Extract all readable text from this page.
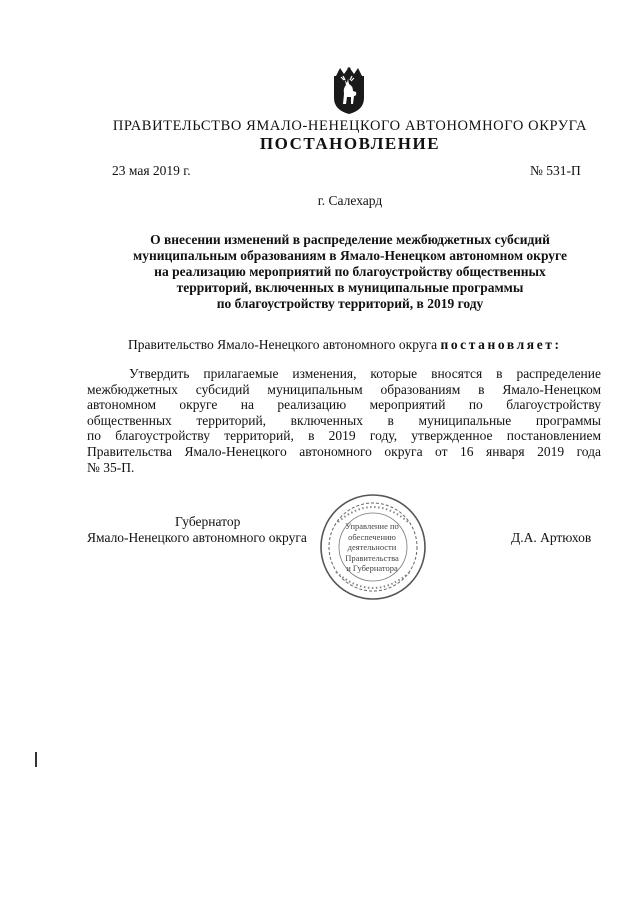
ПРАВИТЕЛЬСТВО ЯМАЛО-НЕНЕЦКОГО АВТОНОМНОГО ОКРУГА
ПОСТАНОВЛЕНИЕ
23 мая 2019 г.	№ 531-П
г. Салехард
О внесении изменений в распределение межбюджетных субсидий
муниципальным образованиям в Ямало-Ненецком автономном округе
на реализацию мероприятий по благоустройству общественных
территорий, включенных в муниципальные программы
по благоустройству территорий, в 2019 году
Правительство Ямало-Ненецкого автономного округа постановляет:
Утвердить прилагаемые изменения, которые вносятся в распределение
межбюджетных субсидий муниципальным образованиям в Ямало-Ненецком
автономном округе на реализацию мероприятий по благоустройству
общественных территорий, включенных в муниципальные программы
по благоустройству территорий, в 2019 году, утвержденное постановлением
Правительства Ямало-Ненецкого автономного округа от 16 января 2019 года
№ 35-П.
Губернатор
Ямало-Ненецкого автономного округа	Д.А. Артюхов
Управление по
обеспечению
деятельности
Правительства
и Губернатора
